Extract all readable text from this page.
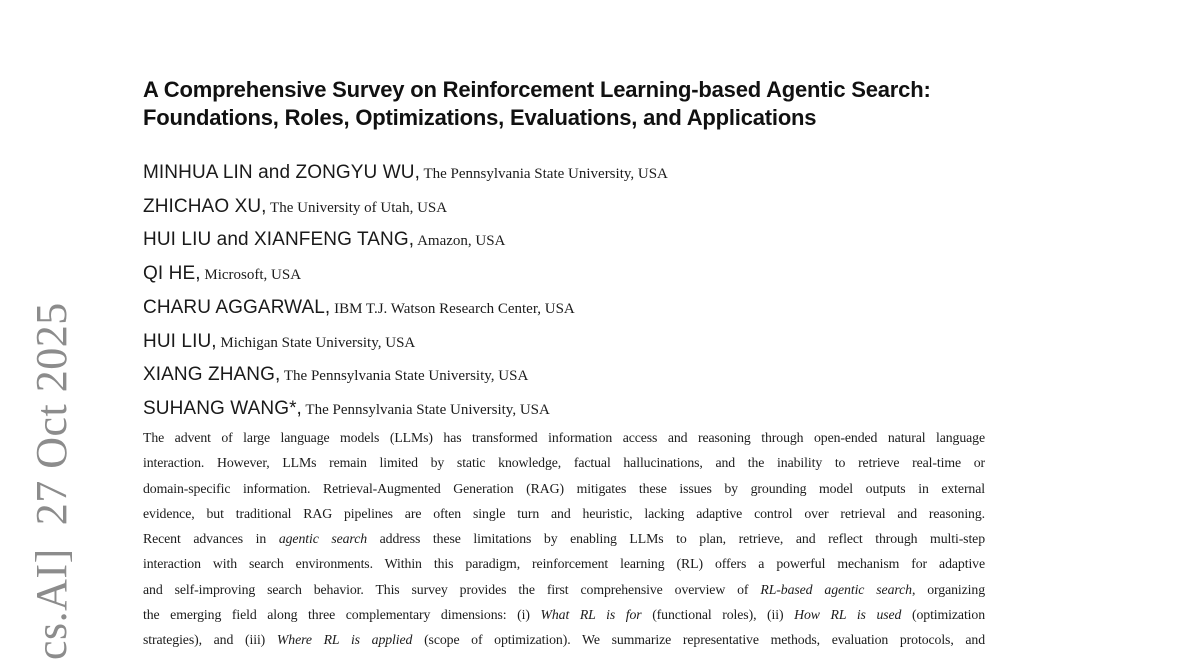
cs.AI]  27 Oct 2025
A Comprehensive Survey on Reinforcement Learning-based Agentic Search:
Foundations, Roles, Optimizations, Evaluations, and Applications
MINHUA LIN and ZONGYU WU, The Pennsylvania State University, USA
ZHICHAO XU, The University of Utah, USA
HUI LIU and XIANFENG TANG, Amazon, USA
QI HE, Microsoft, USA
CHARU AGGARWAL, IBM T.J. Watson Research Center, USA
HUI LIU, Michigan State University, USA
XIANG ZHANG, The Pennsylvania State University, USA
SUHANG WANG*, The Pennsylvania State University, USA
The advent of large language models (LLMs) has transformed information access and reasoning through open-ended natural language
interaction. However, LLMs remain limited by static knowledge, factual hallucinations, and the inability to retrieve real-time or
domain-specific information. Retrieval-Augmented Generation (RAG) mitigates these issues by grounding model outputs in external
evidence, but traditional RAG pipelines are often single turn and heuristic, lacking adaptive control over retrieval and reasoning.
Recent advances in agentic search address these limitations by enabling LLMs to plan, retrieve, and reflect through multi-step
interaction with search environments. Within this paradigm, reinforcement learning (RL) offers a powerful mechanism for adaptive
and self-improving search behavior. This survey provides the first comprehensive overview of RL-based agentic search, organizing
the emerging field along three complementary dimensions: (i) What RL is for (functional roles), (ii) How RL is used (optimization
strategies), and (iii) Where RL is applied (scope of optimization). We summarize representative methods, evaluation protocols, and
